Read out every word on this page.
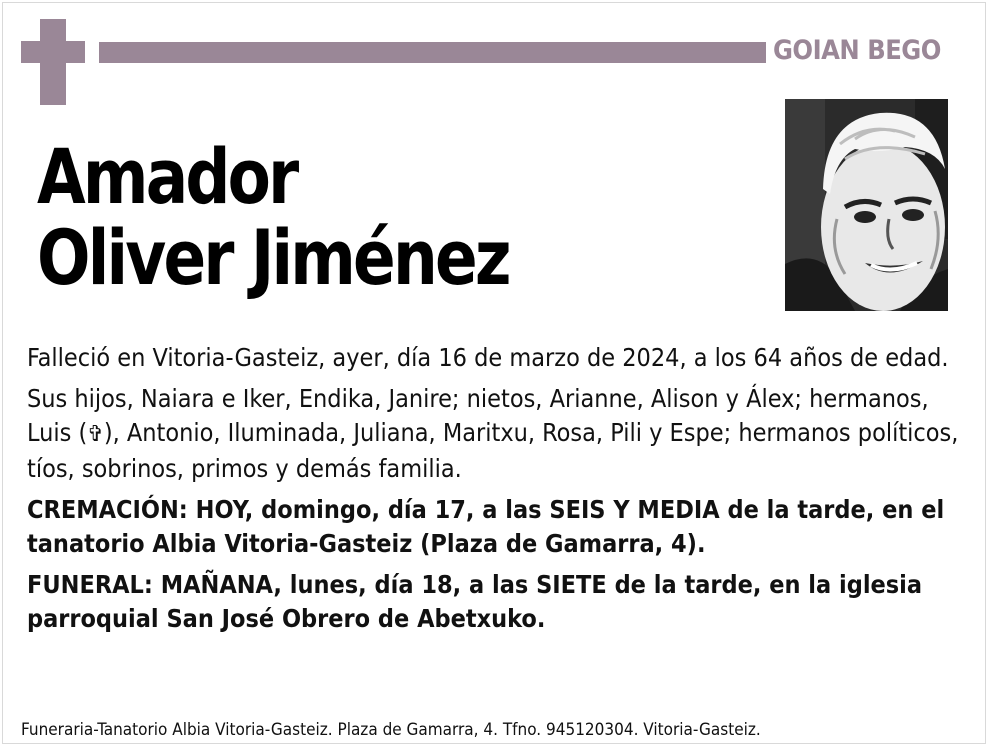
GOIAN BEGO
Amador
Oliver Jiménez

Falleció en Vitoria-Gasteiz, ayer, día 16 de marzo de 2024, a los 64 años de edad.

Sus hijos, Naiara e Iker, Endika, Janire; nietos, Arianne, Alison y Álex; hermanos, Luis (✞), Antonio, Iluminada, Juliana, Maritxu, Rosa, Pili y Espe; hermanos políticos, tíos, sobrinos, primos y demás familia.

CREMACIÓN: HOY, domingo, día 17, a las SEIS Y MEDIA de la tarde, en el tanatorio Albia Vitoria-Gasteiz (Plaza de Gamarra, 4).

FUNERAL: MAÑANA, lunes, día 18, a las SIETE de la tarde, en la iglesia parroquial San José Obrero de Abetxuko.

Funeraria-Tanatorio Albia Vitoria-Gasteiz. Plaza de Gamarra, 4. Tfno. 945120304. Vitoria-Gasteiz.
